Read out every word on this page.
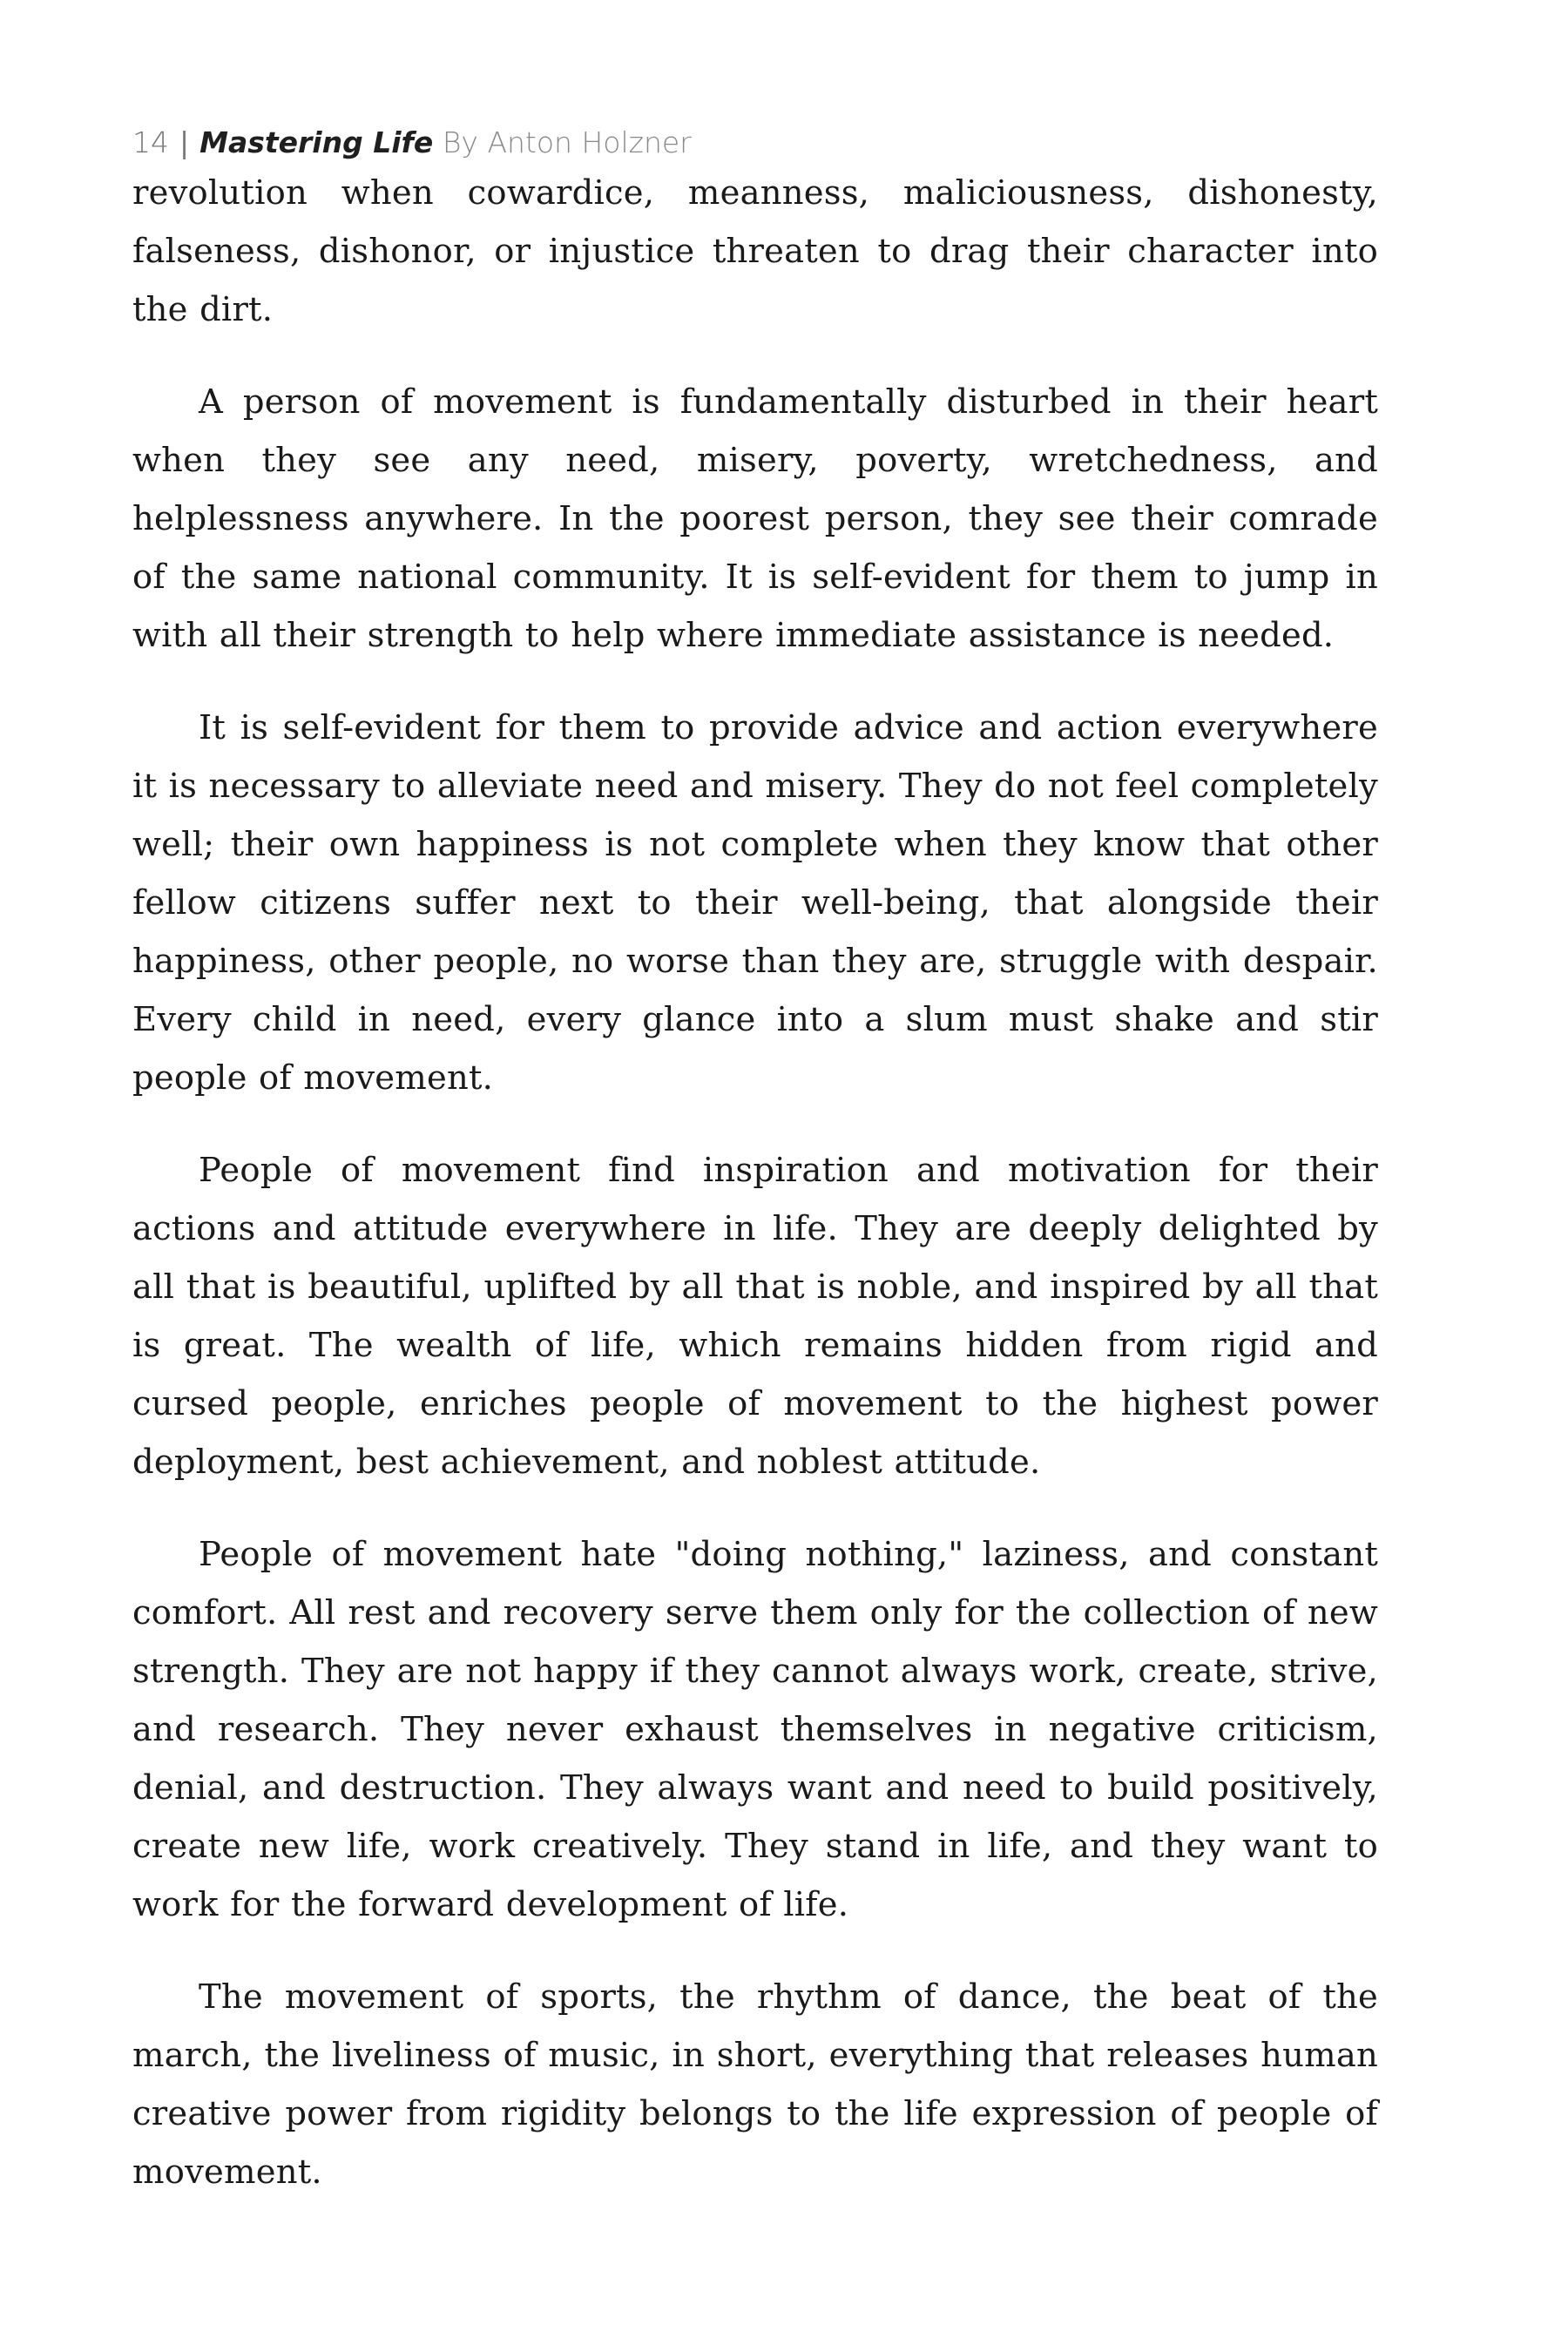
14 | Mastering Life By Anton Holzner

revolution when cowardice, meanness, maliciousness, dishonesty, falseness, dishonor, or injustice threaten to drag their character into the dirt.

A person of movement is fundamentally disturbed in their heart when they see any need, misery, poverty, wretchedness, and helplessness anywhere. In the poorest person, they see their comrade of the same national community. It is self-evident for them to jump in with all their strength to help where immediate assistance is needed.

It is self-evident for them to provide advice and action everywhere it is necessary to alleviate need and misery. They do not feel completely well; their own happiness is not complete when they know that other fellow citizens suffer next to their well-being, that alongside their happiness, other people, no worse than they are, struggle with despair. Every child in need, every glance into a slum must shake and stir people of movement.

People of movement find inspiration and motivation for their actions and attitude everywhere in life. They are deeply delighted by all that is beautiful, uplifted by all that is noble, and inspired by all that is great. The wealth of life, which remains hidden from rigid and cursed people, enriches people of movement to the highest power deployment, best achievement, and noblest attitude.

People of movement hate "doing nothing," laziness, and constant comfort. All rest and recovery serve them only for the collection of new strength. They are not happy if they cannot always work, create, strive, and research. They never exhaust themselves in negative criticism, denial, and destruction. They always want and need to build positively, create new life, work creatively. They stand in life, and they want to work for the forward development of life.

The movement of sports, the rhythm of dance, the beat of the march, the liveliness of music, in short, everything that releases human creative power from rigidity belongs to the life expression of people of movement.
